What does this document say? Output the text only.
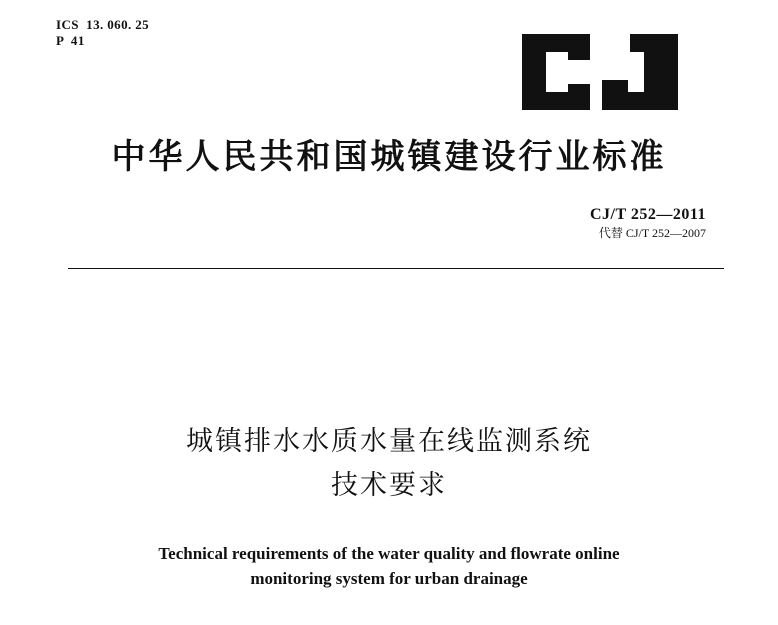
ICS  13. 060. 25
P  41
中华人民共和国城镇建设行业标准
CJ/T 252—2011
代替 CJ/T 252—2007
城镇排水水质水量在线监测系统
技术要求
Technical requirements of the water quality and flowrate online
monitoring system for urban drainage
